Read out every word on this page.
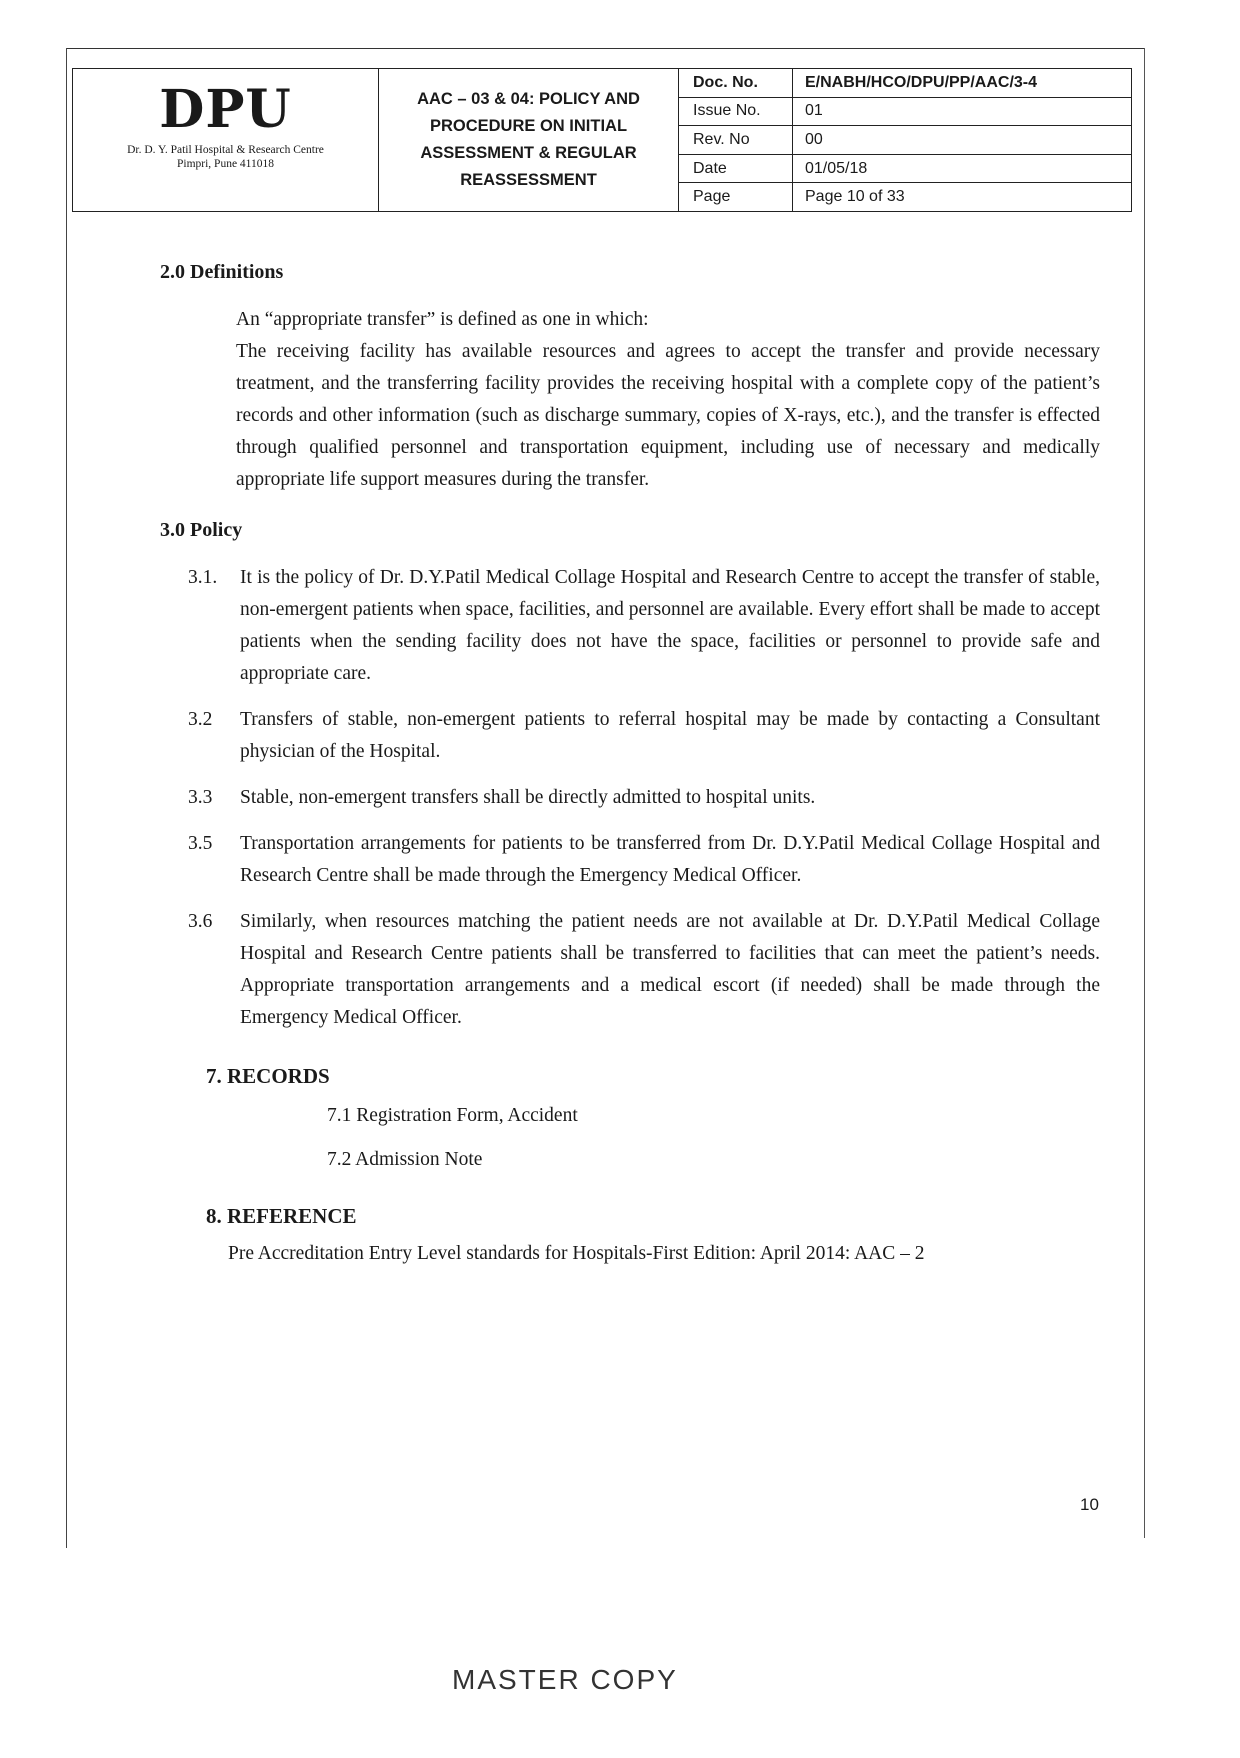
DPU
Dr. D. Y. Patil Hospital & Research Centre
Pimpri, Pune 411018
AAC – 03 & 04: POLICY AND PROCEDURE ON INITIAL ASSESSMENT & REGULAR REASSESSMENT
Doc. No.	E/NABH/HCO/DPU/PP/AAC/3-4
Issue No.	01
Rev. No	00
Date	01/05/18
Page	Page 10 of 33
2.0 Definitions

An “appropriate transfer” is defined as one in which:

The receiving facility has available resources and agrees to accept the transfer and provide necessary treatment, and the transferring facility provides the receiving hospital with a complete copy of the patient’s records and other information (such as discharge summary, copies of X-rays, etc.), and the transfer is effected through qualified personnel and transportation equipment, including use of necessary and medically appropriate life support measures during the transfer.

3.0 Policy

3.1. It is the policy of Dr. D.Y.Patil Medical Collage Hospital and Research Centre to accept the transfer of stable, non-emergent patients when space, facilities, and personnel are available. Every effort shall be made to accept patients when the sending facility does not have the space, facilities or personnel to provide safe and appropriate care.

3.2 Transfers of stable, non-emergent patients to referral hospital may be made by contacting a Consultant physician of the Hospital.

3.3 Stable, non-emergent transfers shall be directly admitted to hospital units.

3.5 Transportation arrangements for patients to be transferred from Dr. D.Y.Patil Medical Collage Hospital and Research Centre shall be made through the Emergency Medical Officer.

3.6 Similarly, when resources matching the patient needs are not available at Dr. D.Y.Patil Medical Collage Hospital and Research Centre patients shall be transferred to facilities that can meet the patient’s needs. Appropriate transportation arrangements and a medical escort (if needed) shall be made through the Emergency Medical Officer.

7. RECORDS

7.1 Registration Form, Accident

7.2 Admission Note

8. REFERENCE

Pre Accreditation Entry Level standards for Hospitals-First Edition: April 2014: AAC – 2

10
MASTER COPY
